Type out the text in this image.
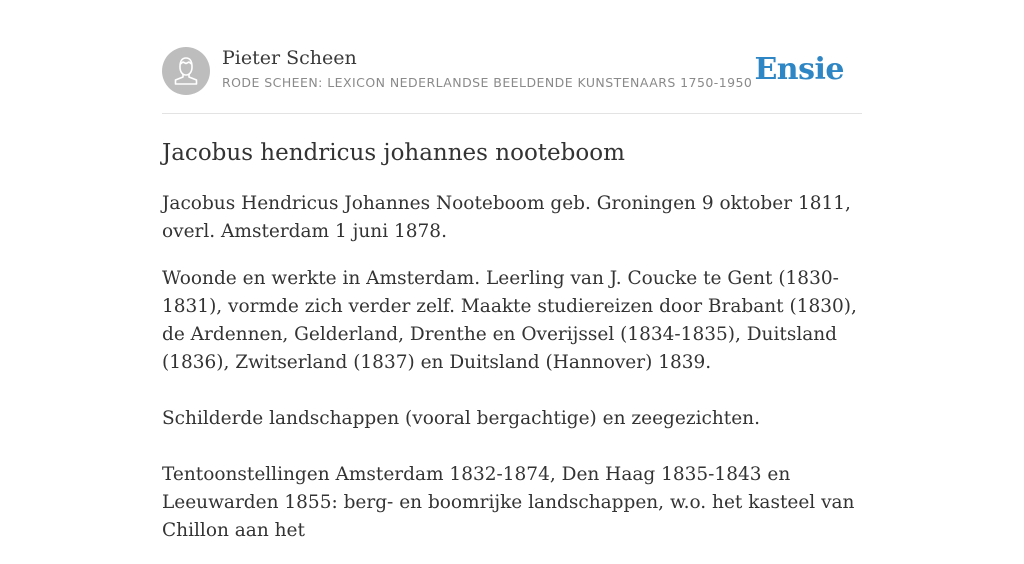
Pieter Scheen
RODE SCHEEN: LEXICON NEDERLANDSE BEELDENDE KUNSTENAARS 1750-1950 Ensie
Jacobus hendricus johannes nooteboom

Jacobus Hendricus Johannes Nooteboom geb. Groningen 9 oktober 1811, overl. Amsterdam 1 juni 1878.

Woonde en werkte in Amsterdam. Leerling van J. Coucke te Gent (1830-1831), vormde zich verder zelf. Maakte studiereizen door Brabant (1830), de Ardennen, Gelderland, Drenthe en Overijssel (1834-1835), Duitsland (1836), Zwitserland (1837) en Duitsland (Hannover) 1839.

Schilderde landschappen (vooral bergachtige) en zeegezichten.

Tentoonstellingen Amsterdam 1832-1874, Den Haag 1835-1843 en Leeuwarden 1855: berg- en boomrijke landschappen, w.o. het kasteel van Chillon aan het
